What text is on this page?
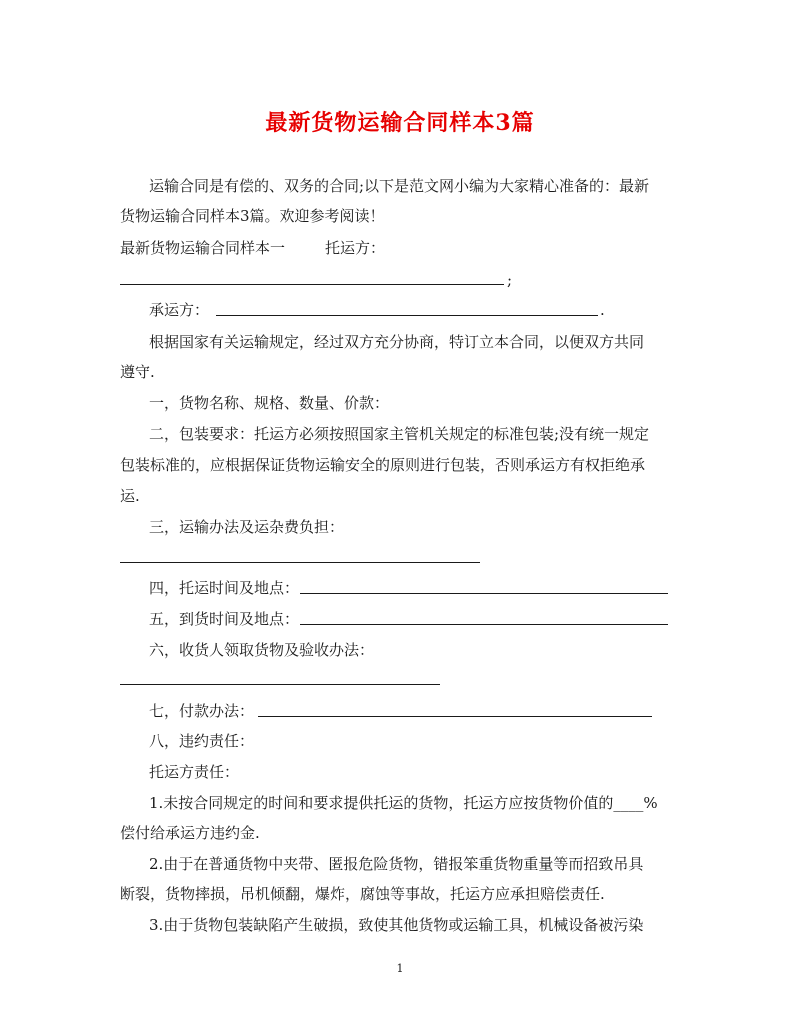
最新货物运输合同样本3篇
运输合同是有偿的、双务的合同;以下是范文网小编为大家精心准备的：最新
货物运输合同样本3篇。欢迎参考阅读！
最新货物运输合同样本一	托运方：
;
承运方：	.
根据国家有关运输规定，经过双方充分协商，特订立本合同，以便双方共同
遵守.
一，货物名称、规格、数量、价款：
二，包装要求：托运方必须按照国家主管机关规定的标准包装;没有统一规定
包装标准的，应根据保证货物运输安全的原则进行包装，否则承运方有权拒绝承
运.
三，运输办法及运杂费负担：
四，托运时间及地点：
五，到货时间及地点：
六，收货人领取货物及验收办法：
七，付款办法：
八，违约责任：
托运方责任：
1.未按合同规定的时间和要求提供托运的货物，托运方应按货物价值的____%
偿付给承运方违约金.
2.由于在普通货物中夹带、匿报危险货物，错报笨重货物重量等而招致吊具
断裂，货物摔损，吊机倾翻，爆炸，腐蚀等事故，托运方应承担赔偿责任.
3.由于货物包装缺陷产生破损，致使其他货物或运输工具，机械设备被污染
1
